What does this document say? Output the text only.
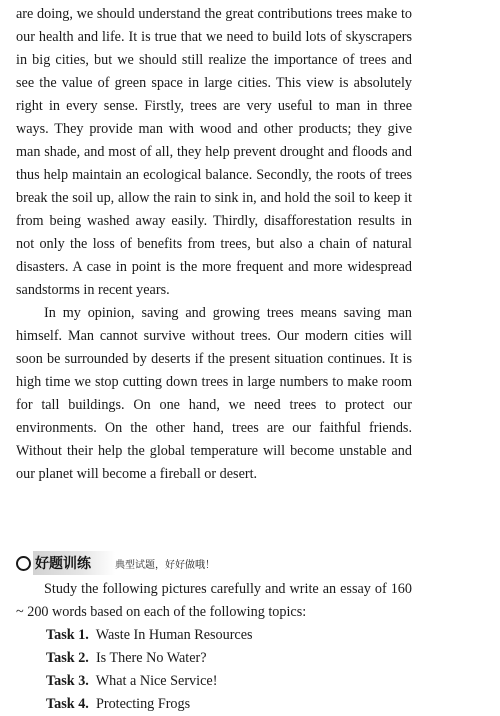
are doing, we should understand the great contributions trees make to our health and life. It is true that we need to build lots of skyscrapers in big cities, but we should still realize the importance of trees and see the value of green space in large cities. This view is absolutely right in every sense. Firstly, trees are very useful to man in three ways. They provide man with wood and other products; they give man shade, and most of all, they help prevent drought and floods and thus help maintain an ecological balance. Secondly, the roots of trees break the soil up, allow the rain to sink in, and hold the soil to keep it from being washed away easily. Thirdly, disafforestation results in not only the loss of benefits from trees, but also a chain of natural disasters. A case in point is the more frequent and more widespread sandstorms in recent years.

In my opinion, saving and growing trees means saving man himself. Man cannot survive without trees. Our modern cities will soon be surrounded by deserts if the present situation continues. It is high time we stop cutting down trees in large numbers to make room for tall buildings. On one hand, we need trees to protect our environments. On the other hand, trees are our faithful friends. Without their help the global temperature will become unstable and our planet will become a fireball or desert.

好题训练	典型试题，好好做哦！

Study the following pictures carefully and write an essay of 160 ~ 200 words based on each of the following topics:

Task 1. Waste In Human Resources
Task 2. Is There No Water?
Task 3. What a Nice Service!
Task 4. Protecting Frogs
